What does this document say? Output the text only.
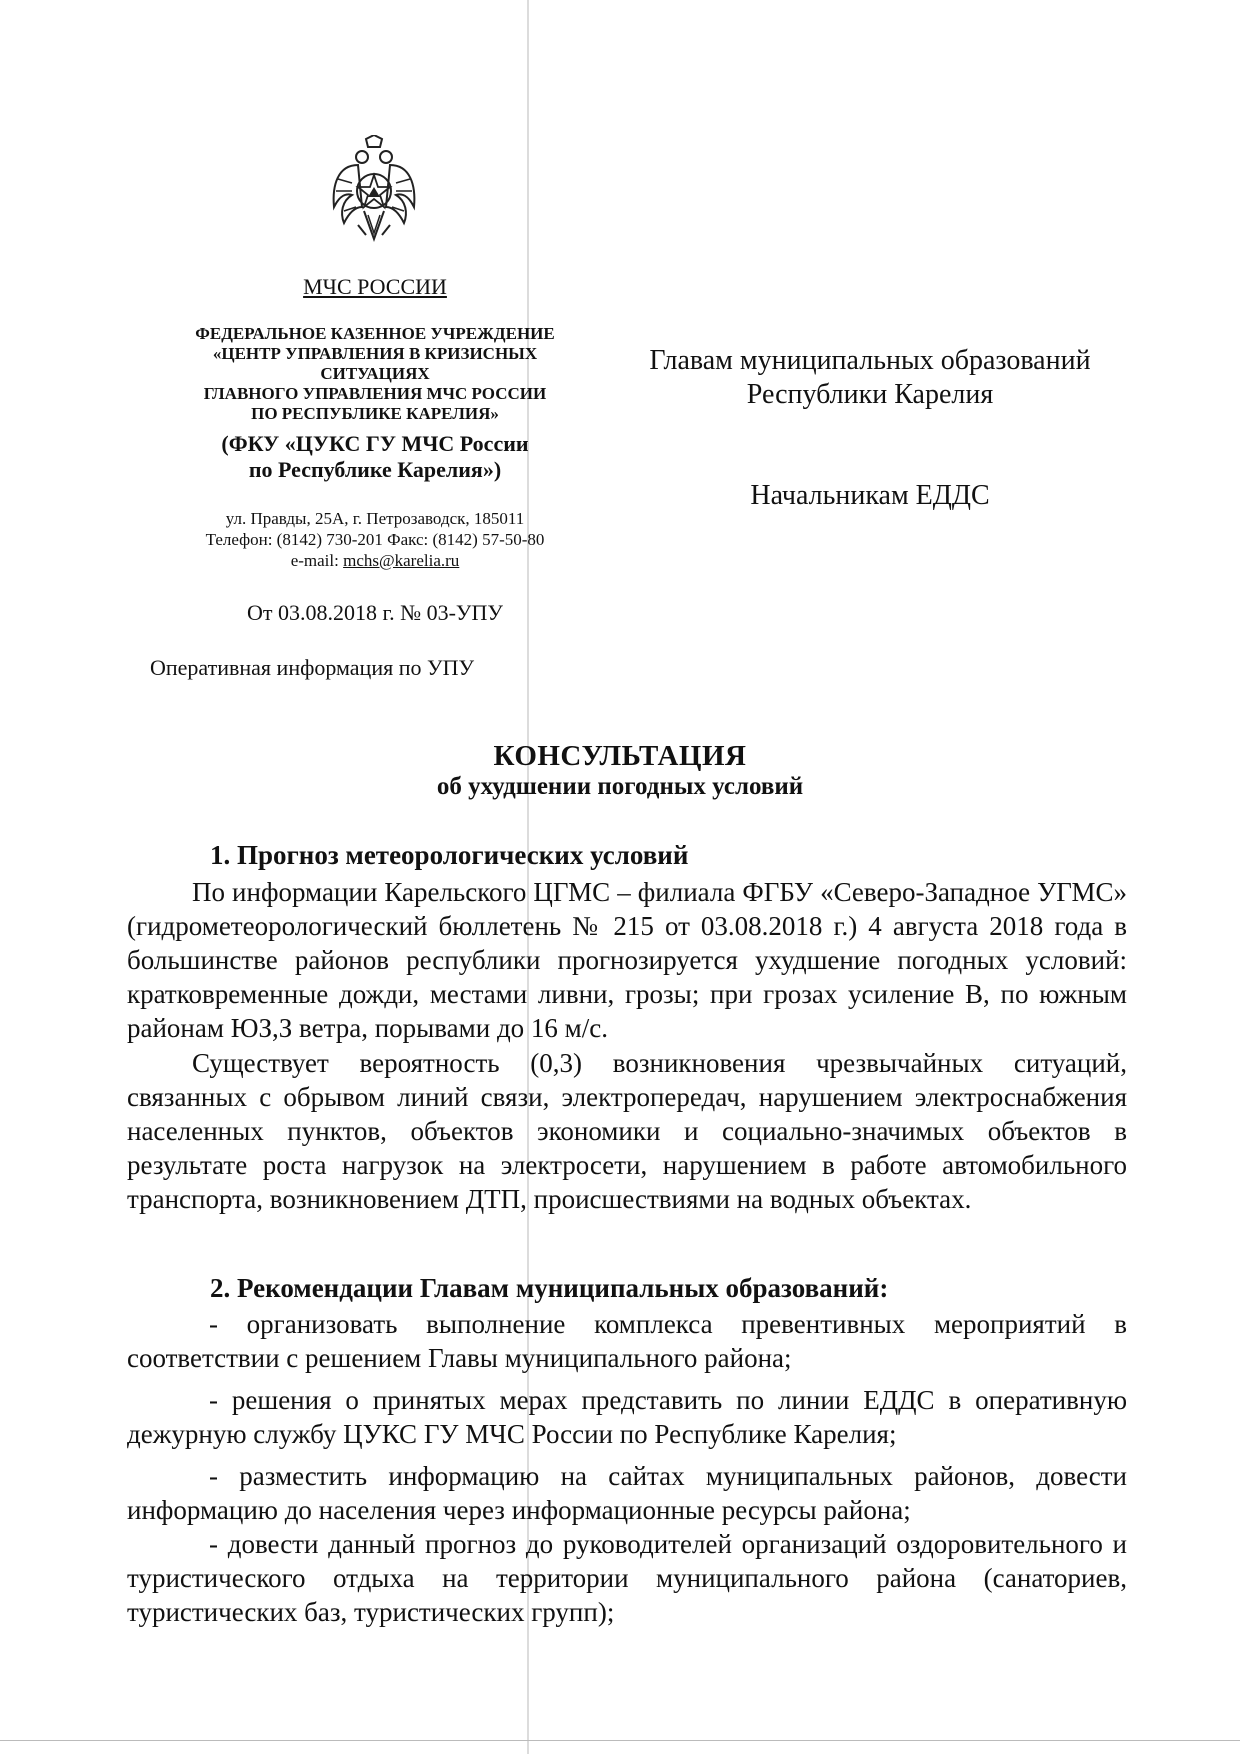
МЧС РОССИИ
ФЕДЕРАЛЬНОЕ КАЗЕННОЕ УЧРЕЖДЕНИЕ
«ЦЕНТР УПРАВЛЕНИЯ В КРИЗИСНЫХ
СИТУАЦИЯХ
ГЛАВНОГО УПРАВЛЕНИЯ МЧС РОССИИ
ПО РЕСПУБЛИКЕ КАРЕЛИЯ»
(ФКУ «ЦУКС ГУ МЧС России
по Республике Карелия»)
ул. Правды, 25А, г. Петрозаводск, 185011
Телефон: (8142) 730-201 Факс: (8142) 57-50-80
e-mail: mchs@karelia.ru
От 03.08.2018 г. № 03-УПУ
Оперативная информация по УПУ
Главам муниципальных образований
Республики Карелия
Начальникам ЕДДС
КОНСУЛЬТАЦИЯ
об ухудшении погодных условий
1. Прогноз метеорологических условий
По информации Карельского ЦГМС – филиала ФГБУ «Северо-Западное УГМС» (гидрометеорологический бюллетень № 215 от 03.08.2018 г.) 4 августа 2018 года в большинстве районов республики прогнозируется ухудшение погодных условий: кратковременные дожди, местами ливни, грозы; при грозах усиление В, по южным районам ЮЗ,З ветра, порывами до 16 м/с.
Существует вероятность (0,3) возникновения чрезвычайных ситуаций, связанных с обрывом линий связи, электропередач, нарушением электроснабжения населенных пунктов, объектов экономики и социально-значимых объектов в результате роста нагрузок на электросети, нарушением в работе автомобильного транспорта, возникновением ДТП, происшествиями на водных объектах.
2. Рекомендации Главам муниципальных образований:
- организовать выполнение комплекса превентивных мероприятий в соответствии с решением Главы муниципального района;
- решения о принятых мерах представить по линии ЕДДС в оперативную дежурную службу ЦУКС ГУ МЧС России по Республике Карелия;
- разместить информацию на сайтах муниципальных районов, довести информацию до населения через информационные ресурсы района;
- довести данный прогноз до руководителей организаций оздоровительного и туристического отдыха на территории муниципального района (санаториев, туристических баз, туристических групп);
